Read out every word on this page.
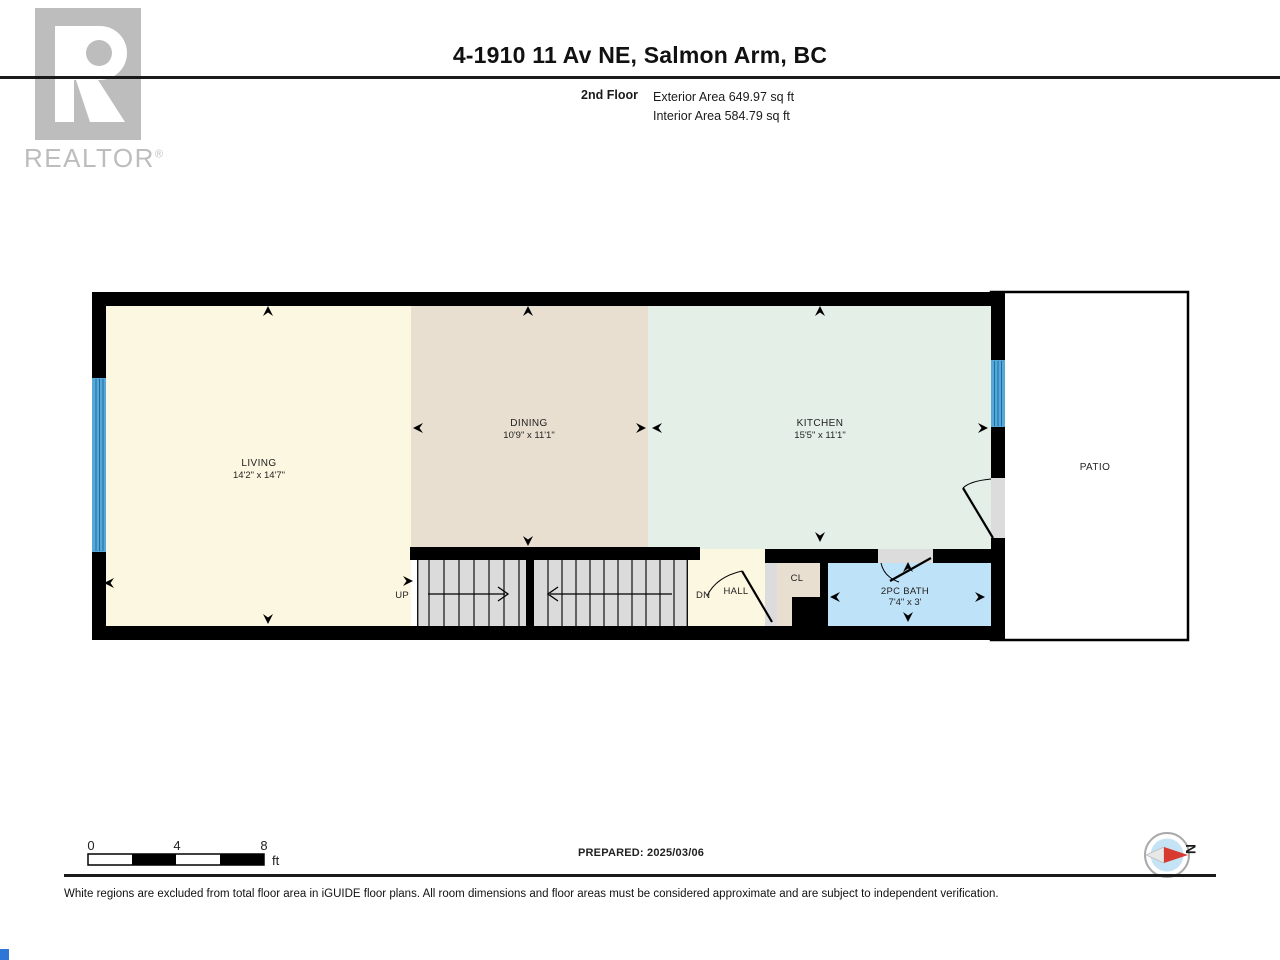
LIVING
14'2" x 14'7"
DINING
10'9" x 11'1"
KITCHEN
15'5" x 11'1"
PATIO
HALL
CL
2PC BATH
7'4" x 3'
UP	DN
0	4	8
ft
4-1910 11 Av NE, Salmon Arm, BC
2nd Floor Exterior Area 649.97 sq ft
Interior Area 584.79 sq ft
REALTOR®
PREPARED: 2025/03/06	N
White regions are excluded from total floor area in iGUIDE floor plans. All room dimensions and floor areas must be considered approximate and are subject to independent verification.
